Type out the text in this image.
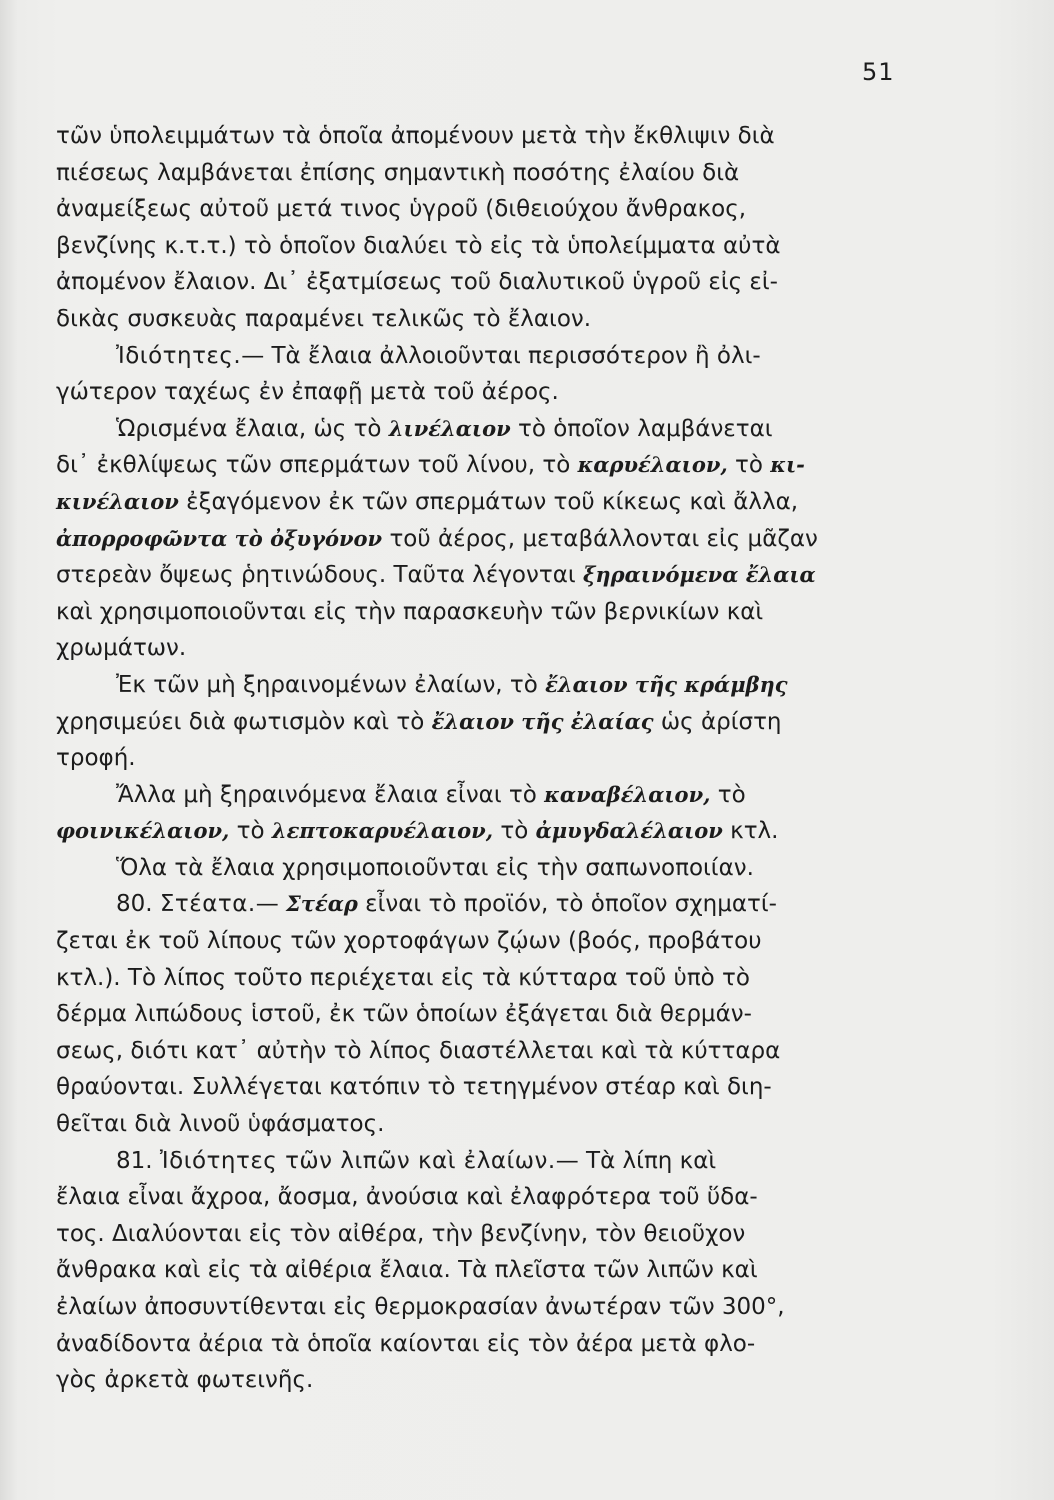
51
τῶν ὑπολειμμάτων τὰ ὁποῖα ἀπομένουν μετὰ τὴν ἔκθλιψιν διὰ
πιέσεως λαμβάνεται ἐπίσης σημαντικὴ ποσότης ἐλαίου διὰ
ἀναμείξεως αὐτοῦ μετά τινος ὑγροῦ (διθειούχου ἄνθρακος,
βενζίνης κ.τ.τ.) τὸ ὁποῖον διαλύει τὸ εἰς τὰ ὑπολείμματα αὐτὰ
ἀπομένον ἔλαιον. Δι᾽ ἐξατμίσεως τοῦ διαλυτικοῦ ὑγροῦ εἰς εἰ-
δικὰς συσκευὰς παραμένει τελικῶς τὸ ἔλαιον.
Ἰδιότητες.— Τὰ ἔλαια ἀλλοιοῦνται περισσότερον ἢ ὀλι-
γώτερον ταχέως ἐν ἐπαφῇ μετὰ τοῦ ἀέρος.
Ὡρισμένα ἔλαια, ὡς τὸ λινέλαιον τὸ ὁποῖον λαμβάνεται
δι᾽ ἐκθλίψεως τῶν σπερμάτων τοῦ λίνου, τὸ καρυέλαιον, τὸ κι-
κινέλαιον ἐξαγόμενον ἐκ τῶν σπερμάτων τοῦ κίκεως καὶ ἄλλα,
ἀπορροφῶντα τὸ ὀξυγόνον τοῦ ἀέρος, μεταβάλλονται εἰς μᾶζαν
στερεὰν ὄψεως ῥητινώδους. Ταῦτα λέγονται ξηραινόμενα ἔλαια
καὶ χρησιμοποιοῦνται εἰς τὴν παρασκευὴν τῶν βερνικίων καὶ
χρωμάτων.
Ἐκ τῶν μὴ ξηραινομένων ἐλαίων, τὸ ἔλαιον τῆς κράμβης
χρησιμεύει διὰ φωτισμὸν καὶ τὸ ἔλαιον τῆς ἐλαίας ὡς ἀρίστη
τροφή.
Ἄλλα μὴ ξηραινόμενα ἔλαια εἶναι τὸ καναβέλαιον, τὸ
φοινικέλαιον, τὸ λεπτοκαρυέλαιον, τὸ ἀμυγδαλέλαιον κτλ.
Ὅλα τὰ ἔλαια χρησιμοποιοῦνται εἰς τὴν σαπωνοποιίαν.
80. Στέατα.— Στέαρ εἶναι τὸ προϊόν, τὸ ὁποῖον σχηματί-
ζεται ἐκ τοῦ λίπους τῶν χορτοφάγων ζῴων (βοός, προβάτου
κτλ.). Τὸ λίπος τοῦτο περιέχεται εἰς τὰ κύτταρα τοῦ ὑπὸ τὸ
δέρμα λιπώδους ἱστοῦ, ἐκ τῶν ὁποίων ἐξάγεται διὰ θερμάν-
σεως, διότι κατ᾽ αὐτὴν τὸ λίπος διαστέλλεται καὶ τὰ κύτταρα
θραύονται. Συλλέγεται κατόπιν τὸ τετηγμένον στέαρ καὶ διη-
θεῖται διὰ λινοῦ ὑφάσματος.
81. Ἰδιότητες τῶν λιπῶν καὶ ἐλαίων.— Τὰ λίπη καὶ
ἔλαια εἶναι ἄχροα, ἄοσμα, ἀνούσια καὶ ἐλαφρότερα τοῦ ὕδα-
τος. Διαλύονται εἰς τὸν αἰθέρα, τὴν βενζίνην, τὸν θειοῦχον
ἄνθρακα καὶ εἰς τὰ αἰθέρια ἔλαια. Τὰ πλεῖστα τῶν λιπῶν καὶ
ἐλαίων ἀποσυντίθενται εἰς θερμοκρασίαν ἀνωτέραν τῶν 300°,
ἀναδίδοντα ἀέρια τὰ ὁποῖα καίονται εἰς τὸν ἀέρα μετὰ φλο-
γὸς ἀρκετὰ φωτεινῆς.
